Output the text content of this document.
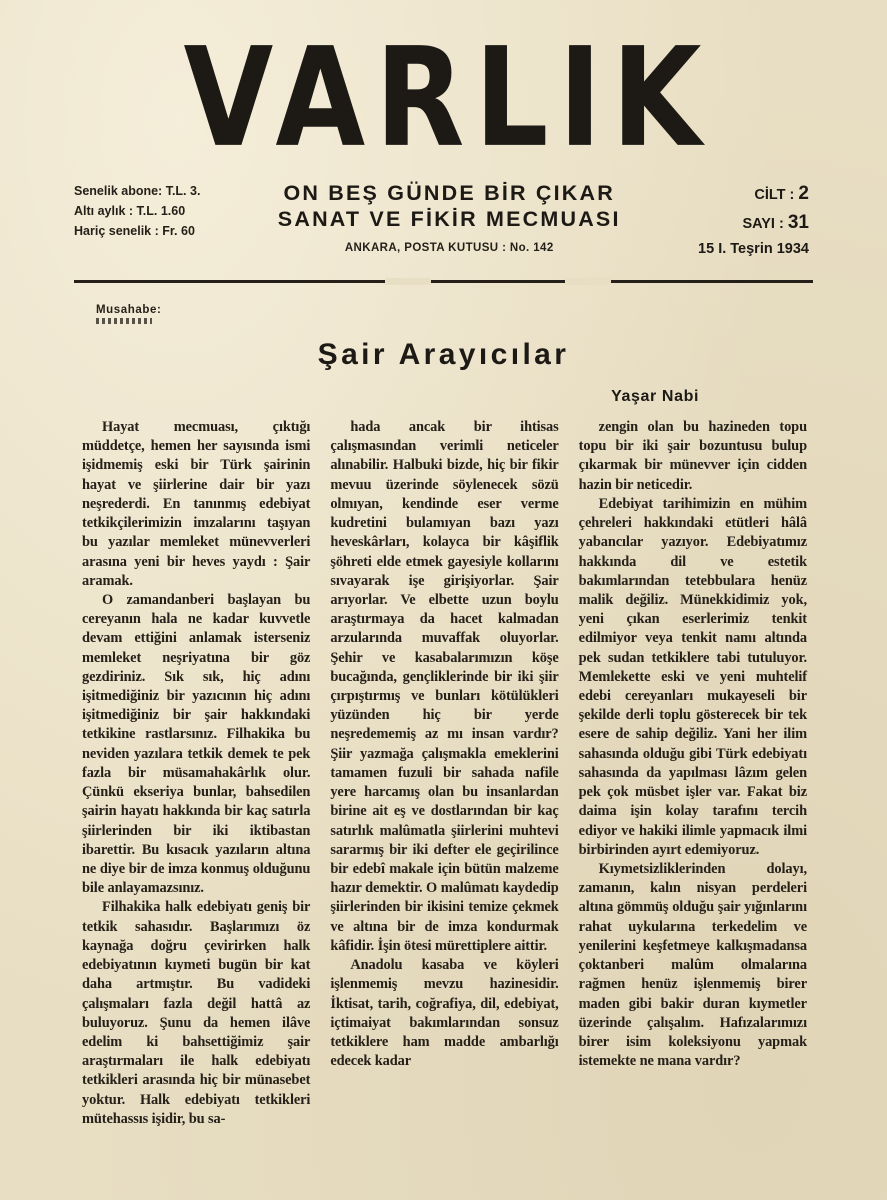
VARLIK
Senelik abone: T.L. 3.
Altı aylık : T.L. 1.60
Hariç senelik : Fr. 60
ON BEŞ GÜNDE BİR ÇIKAR
SANAT VE FİKİR MECMUASI
ANKARA, POSTA KUTUSU : No. 142
CİLT : 2
SAYI : 31
15 I. Teşrin 1934
Musahabe:
Şair Arayıcılar
Yaşar Nabi

Hayat mecmuası, çıktığı müddetçe, hemen her sayısında ismi işidmemiş eski bir Türk şairinin hayat ve şiirlerine dair bir yazı neşrederdi. En tanınmış edebiyat tetkikçilerimizin imzalarını taşıyan bu yazılar memleket münevverleri arasına yeni bir heves yaydı : Şair aramak.

O zamandanberi başlayan bu cereyanın hala ne kadar kuvvetle devam ettiğini anlamak isterseniz memleket neşriyatına bir göz gezdiriniz. Sık sık, hiç adını işitmediğiniz bir yazıcının hiç adını işitmediğiniz bir şair hakkındaki tetkikine rastlarsınız. Filhakika bu neviden yazılara tetkik demek te pek fazla bir müsamahakârlık olur. Çünkü ekseriya bunlar, bahsedilen şairin hayatı hakkında bir kaç satırla şiirlerinden bir iki iktibastan ibarettir. Bu kısacık yazıların altına ne diye bir de imza konmuş olduğunu bile anlayamazsınız.

Filhakika halk edebiyatı geniş bir tetkik sahasıdır. Başlarımızı öz kaynağa doğru çevirirken halk edebiyatının kıymeti bugün bir kat daha artmıştır. Bu vadideki çalışmaları fazla değil hattâ az buluyoruz. Şunu da hemen ilâve edelim ki bahsettiğimiz şair araştırmaları ile halk edebiyatı tetkikleri arasında hiç bir münasebet yoktur. Halk edebiyatı tetkikleri mütehassıs işidir, bu sa-

hada ancak bir ihtisas çalışmasından verimli neticeler alınabilir. Halbuki bizde, hiç bir fikir mevuu üzerinde söylenecek sözü olmıyan, kendinde eser verme kudretini bulamıyan bazı yazı heveskârları, kolayca bir kâşiflik şöhreti elde etmek gayesiyle kollarını sıvayarak işe girişiyorlar. Şair arıyorlar. Ve elbette uzun boylu araştırmaya da hacet kalmadan arzularında muvaffak oluyorlar. Şehir ve kasabalarımızın köşe bucağında, gençliklerinde bir iki şiir çırpıştırmış ve bunları kötülükleri yüzünden hiç bir yerde neşredememiş az mı insan vardır? Şiir yazmağa çalışmakla emeklerini tamamen fuzuli bir sahada nafile yere harcamış olan bu insanlardan birine ait eş ve dostlarından bir kaç satırlık malûmatla şiirlerini muhtevi sararmış bir iki defter ele geçirilince bir edebî makale için bütün malzeme hazır demektir. O malûmatı kaydedip şiirlerinden bir ikisini temize çekmek ve altına bir de imza kondurmak kâfidir. İşin ötesi mürettiplere aittir.

Anadolu kasaba ve köyleri işlenmemiş mevzu hazinesidir. İktisat, tarih, coğrafiya, dil, edebiyat, içtimaiyat bakımlarından sonsuz tetkiklere ham madde ambarlığı edecek kadar

zengin olan bu hazineden topu topu bir iki şair bozuntusu bulup çıkarmak bir münevver için cidden hazin bir neticedir.

Edebiyat tarihimizin en mühim çehreleri hakkındaki etütleri hâlâ yabancılar yazıyor. Edebiyatımız hakkında dil ve estetik bakımlarından tetebbulara henüz malik değiliz. Münekkidimiz yok, yeni çıkan eserlerimiz tenkit edilmiyor veya tenkit namı altında pek sudan tetkiklere tabi tutuluyor. Memlekette eski ve yeni muhtelif edebi cereyanları mukayeseli bir şekilde derli toplu gösterecek bir tek esere de sahip değiliz. Yani her ilim sahasında olduğu gibi Türk edebiyatı sahasında da yapılması lâzım gelen pek çok müsbet işler var. Fakat biz daima işin kolay tarafını tercih ediyor ve hakiki ilimle yapmacık ilmi birbirinden ayırt edemiyoruz.

Kıymetsizliklerinden dolayı, zamanın, kalın nisyan perdeleri altına gömmüş olduğu şair yığınlarını rahat uykularına terkedelim ve yenilerini keşfetmeye kalkışmadansa çoktanberi malûm olmalarına rağmen henüz işlenmemiş birer maden gibi bakir duran kıymetler üzerinde çalışalım. Hafızalarımızı birer isim koleksiyonu yapmak istemekte ne mana vardır?
